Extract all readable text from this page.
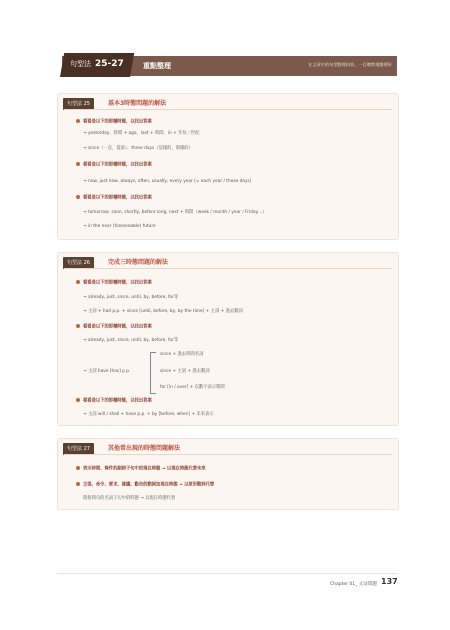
句型法 25-27	重點整理	在文章中的句型整理內容，一目瞭然地整理好
句型法 25	基本3時態問題的解法
看看是以下的那種時態，以找出答案
→ yesterday、時間 + ago、last + 時間、in + 年份／世紀
→ since（一直，從某）、three days（這樣的，那樣的）
看看是以下的那種時態，以找出答案
→ now, just now, always, often, usually, every year (= each year / these days)
看看是以下的那種時態，以找出答案
→ tomorrow, soon, shortly, before long, next + 時間（week / month / year / Friday…）
→ in the near (foreseeable) future
句型法 26	完成三時態問題的解法
看看是以下的那種時態，以找出答案
→ already, just, since, until, by, before, for等
→ 主詞 + had p.p. + since [until, before, by, by the time] + 主詞 + 過去動詞
看看是以下的那種時態，以找出答案
→ already, just, since, until, by, before, for等
since + 過去時間名詞
→ 主詞 have [has] p.p.	since + 主詞 + 過去動詞
for [in / over] + 以數字表示期間
看看是以下的那種時態，以找出答案
→ 主詞 will / shall + have p.p. + by [before, when] + 未來表示
句型法 27	其他常出現的時態問題解法
表示時間、條件的副詞子句中的現在時態 → 以現在時態代替未來
主張、命令、要求、建議、勸告的動詞加現在時態 → 以原形動詞代替
間接問句的名詞子句中的時態 → 以現在時態代替
Chapter 01_ 文法問題 137
